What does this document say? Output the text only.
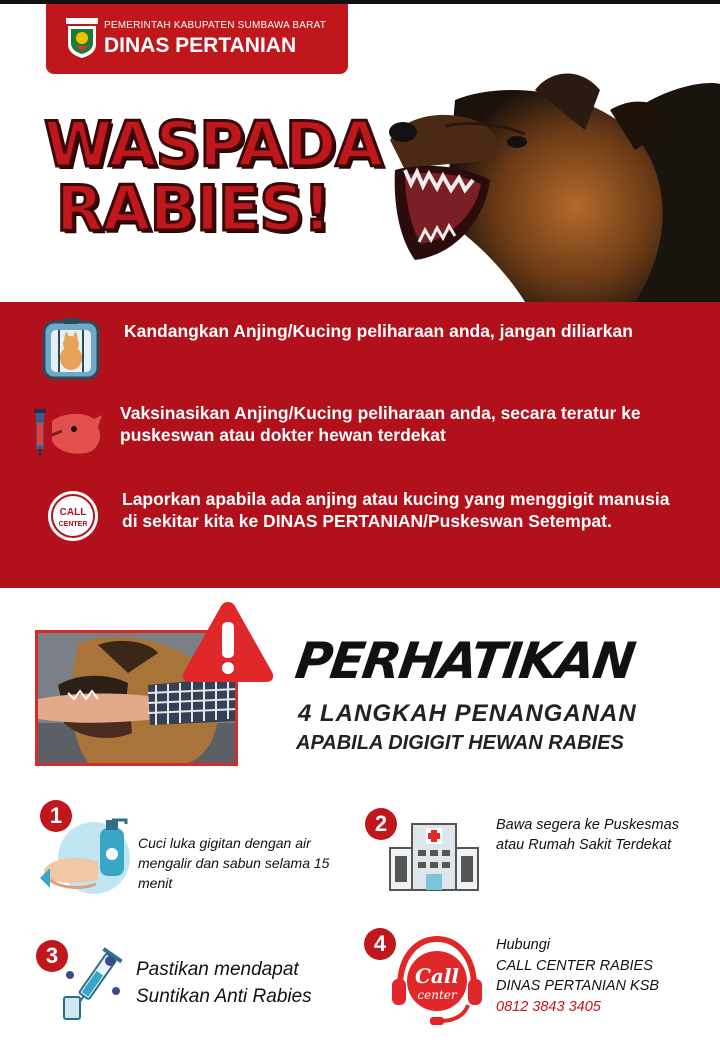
PEMERINTAH KABUPATEN SUMBAWA BARAT
DINAS PERTANIAN
WASPADA
RABIES!
Kandangkan Anjing/Kucing peliharaan anda, jangan diliarkan
Vaksinasikan Anjing/Kucing peliharaan anda, secara teratur ke puskeswan atau dokter hewan terdekat
CALL
CENTER
Laporkan apabila ada anjing atau kucing yang menggigit manusia di sekitar kita ke DINAS PERTANIAN/Puskeswan Setempat.
PERHATIKAN
4 LANGKAH PENANGANAN
APABILA DIGIGIT HEWAN RABIES
1
Cuci luka gigitan dengan air mengalir dan sabun selama 15 menit
2	Bawa segera ke Puskesmas atau Rumah Sakit Terdekat
3
Pastikan mendapat Suntikan Anti Rabies
4
Call
center
Hubungi
CALL CENTER RABIES
DINAS PERTANIAN KSB
0812 3843 3405
